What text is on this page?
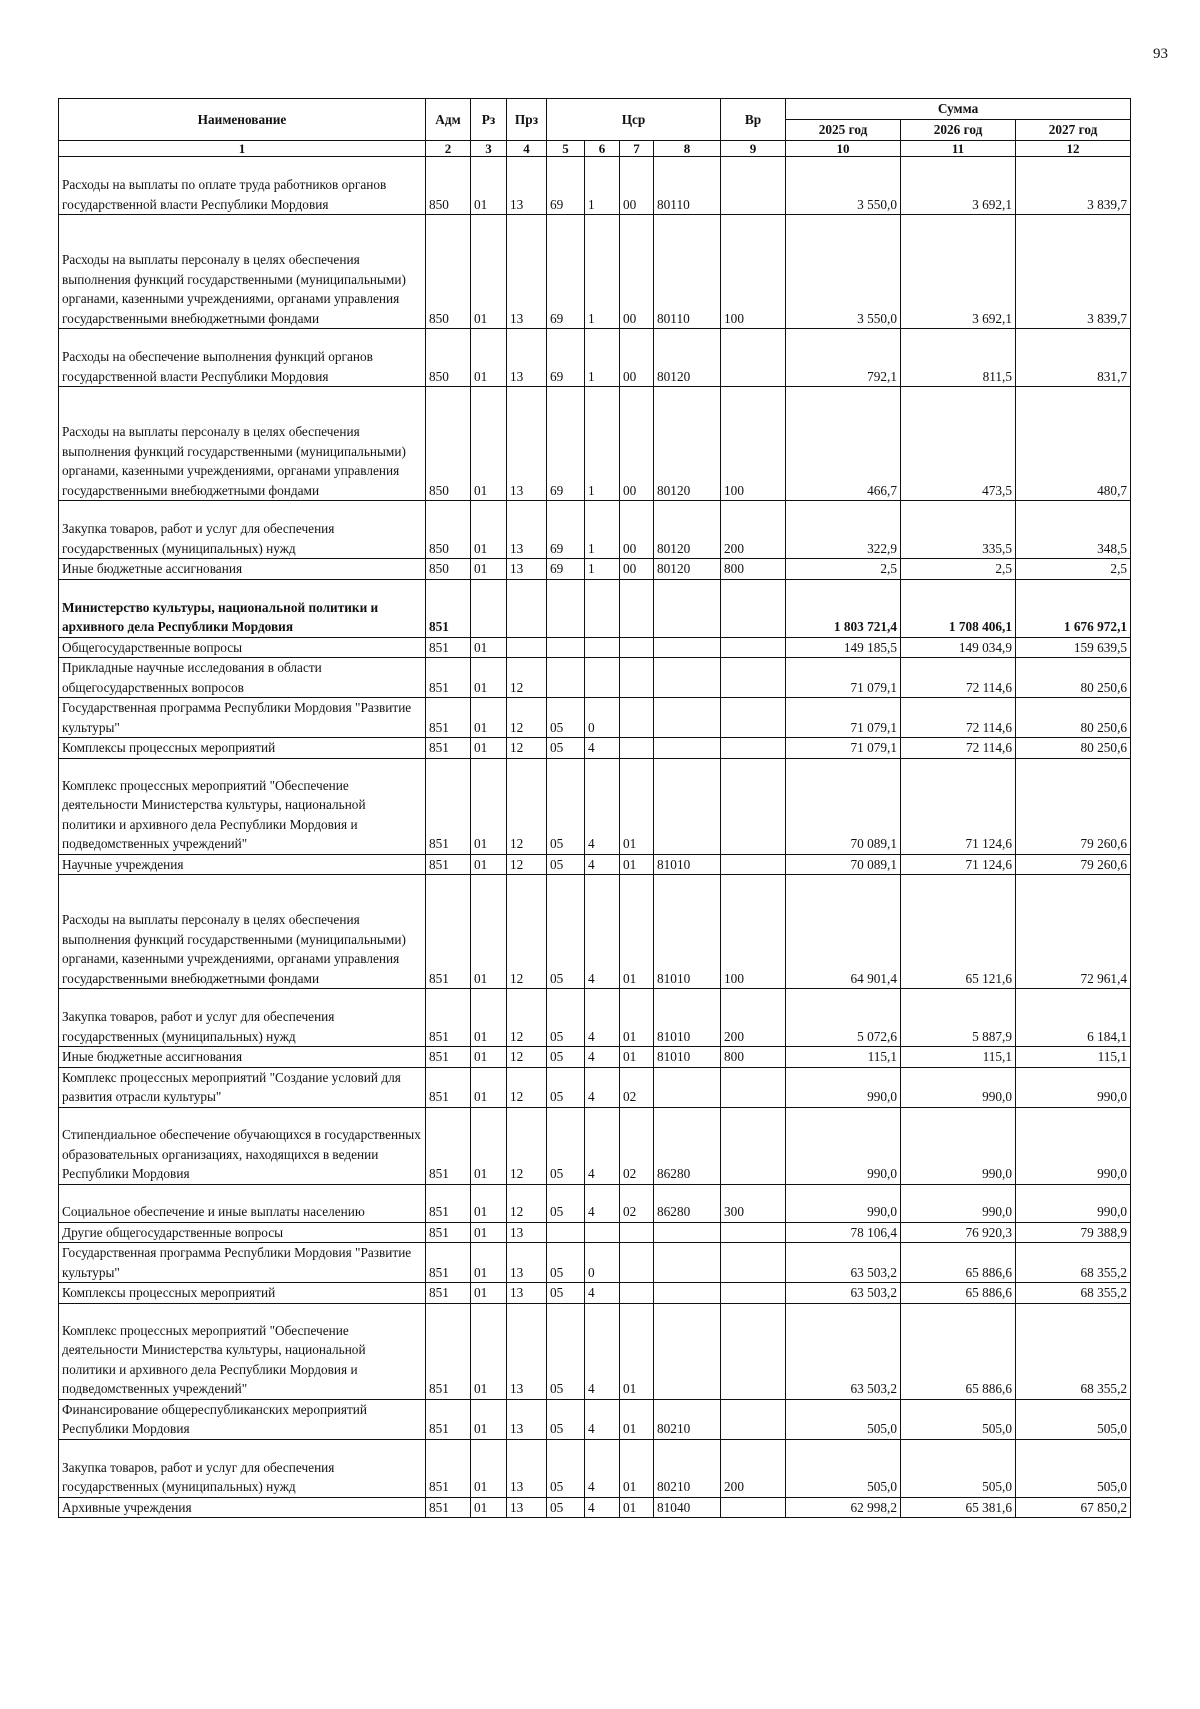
93
Наименование	Адм	Рз	Прз	Цср				Вр	Сумма		
									2025 год	2026 год	2027 год
1	2	3	4	5	6	7	8	9	10	11	12
Расходы на выплаты по оплате труда работников органов государственной власти Республики Мордовия	850	01	13	69	1	00	80110		3 550,0	3 692,1	3 839,7
Расходы на выплаты персоналу в целях обеспечения выполнения функций государственными (муниципальными) органами, казенными учреждениями, органами управления государственными внебюджетными фондами	850	01	13	69	1	00	80110	100	3 550,0	3 692,1	3 839,7
Расходы на обеспечение выполнения функций органов государственной власти Республики Мордовия	850	01	13	69	1	00	80120		792,1	811,5	831,7
Расходы на выплаты персоналу в целях обеспечения выполнения функций государственными (муниципальными) органами, казенными учреждениями, органами управления государственными внебюджетными фондами	850	01	13	69	1	00	80120	100	466,7	473,5	480,7
Закупка товаров, работ и услуг для обеспечения государственных (муниципальных) нужд	850	01	13	69	1	00	80120	200	322,9	335,5	348,5
Иные бюджетные ассигнования	850	01	13	69	1	00	80120	800	2,5	2,5	2,5
Министерство культуры, национальной политики и архивного дела Республики Мордовия	851								1 803 721,4	1 708 406,1	1 676 972,1
Общегосударственные вопросы	851	01							149 185,5	149 034,9	159 639,5
Прикладные научные исследования в области общегосударственных вопросов	851	01	12						71 079,1	72 114,6	80 250,6
Государственная программа Республики Мордовия "Развитие культуры"	851	01	12	05	0				71 079,1	72 114,6	80 250,6
Комплексы процессных мероприятий	851	01	12	05	4				71 079,1	72 114,6	80 250,6
Комплекс процессных мероприятий "Обеспечение деятельности Министерства культуры, национальной политики и архивного дела Республики Мордовия и подведомственных учреждений"	851	01	12	05	4	01			70 089,1	71 124,6	79 260,6
Научные учреждения	851	01	12	05	4	01	81010		70 089,1	71 124,6	79 260,6
Расходы на выплаты персоналу в целях обеспечения выполнения функций государственными (муниципальными) органами, казенными учреждениями, органами управления государственными внебюджетными фондами	851	01	12	05	4	01	81010	100	64 901,4	65 121,6	72 961,4
Закупка товаров, работ и услуг для обеспечения государственных (муниципальных) нужд	851	01	12	05	4	01	81010	200	5 072,6	5 887,9	6 184,1
Иные бюджетные ассигнования	851	01	12	05	4	01	81010	800	115,1	115,1	115,1
Комплекс процессных мероприятий "Создание условий для развития отрасли культуры"	851	01	12	05	4	02			990,0	990,0	990,0
Стипендиальное обеспечение обучающихся в государственных образовательных организациях, находящихся в ведении Республики Мордовия	851	01	12	05	4	02	86280		990,0	990,0	990,0
Социальное обеспечение и иные выплаты населению	851	01	12	05	4	02	86280	300	990,0	990,0	990,0
Другие общегосударственные вопросы	851	01	13						78 106,4	76 920,3	79 388,9
Государственная программа Республики Мордовия "Развитие культуры"	851	01	13	05	0				63 503,2	65 886,6	68 355,2
Комплексы процессных мероприятий	851	01	13	05	4				63 503,2	65 886,6	68 355,2
Комплекс процессных мероприятий "Обеспечение деятельности Министерства культуры, национальной политики и архивного дела Республики Мордовия и подведомственных учреждений"	851	01	13	05	4	01			63 503,2	65 886,6	68 355,2
Финансирование общереспубликанских мероприятий Республики Мордовия	851	01	13	05	4	01	80210		505,0	505,0	505,0
Закупка товаров, работ и услуг для обеспечения государственных (муниципальных) нужд	851	01	13	05	4	01	80210	200	505,0	505,0	505,0
Архивные учреждения	851	01	13	05	4	01	81040		62 998,2	65 381,6	67 850,2
